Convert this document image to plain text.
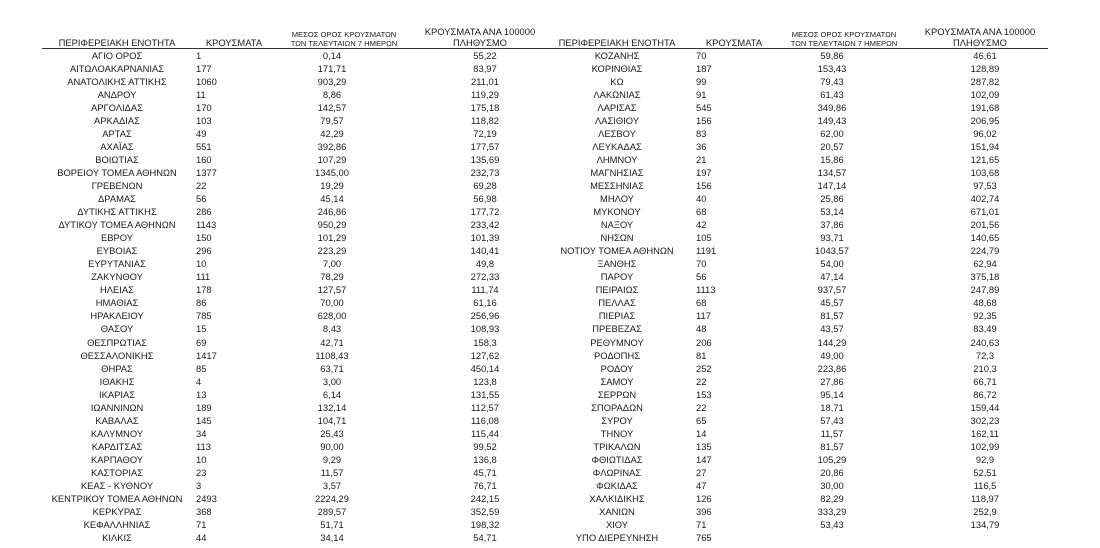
ΠΕΡΙΦΕΡΕΙΑΚΗ ΕΝΟΤΗΤΑ	ΚΡΟΥΣΜΑΤΑ	ΜΕΣΟΣ ΟΡΟΣ ΚΡΟΥΣΜΑΤΩΝ
ΤΩΝ ΤΕΛΕΥΤΑΙΩΝ 7 ΗΜΕΡΩΝ	ΚΡΟΥΣΜΑΤΑ ΑΝΑ 100000
ΠΛΗΘΥΣΜΟ
ΑΓΙΟ ΟΡΟΣ	1	0,14	55,22
ΑΙΤΩΛΟΑΚΑΡΝΑΝΙΑΣ	177	171,71	83,97
ΑΝΑΤΟΛΙΚΗΣ ΑΤΤΙΚΗΣ	1060	903,29	211,01
ΑΝΔΡΟΥ	11	8,86	119,29
ΑΡΓΟΛΙΔΑΣ	170	142,57	175,18
ΑΡΚΑΔΙΑΣ	103	79,57	118,82
ΑΡΤΑΣ	49	42,29	72,19
ΑΧΑΪΑΣ	551	392,86	177,57
ΒΟΙΩΤΙΑΣ	160	107,29	135,69
ΒΟΡΕΙΟΥ ΤΟΜΕΑ ΑΘΗΝΩΝ	1377	1345,00	232,73
ΓΡΕΒΕΝΩΝ	22	19,29	69,28
ΔΡΑΜΑΣ	56	45,14	56,98
ΔΥΤΙΚΗΣ ΑΤΤΙΚΗΣ	286	246,86	177,72
ΔΥΤΙΚΟΥ ΤΟΜΕΑ ΑΘΗΝΩΝ	1143	950,29	233,42
ΕΒΡΟΥ	150	101,29	101,39
ΕΥΒΟΙΑΣ	296	223,29	140,41
ΕΥΡΥΤΑΝΙΑΣ	10	7,00	49,8
ΖΑΚΥΝΘΟΥ	111	78,29	272,33
ΗΛΕΙΑΣ	178	127,57	111,74
ΗΜΑΘΙΑΣ	86	70,00	61,16
ΗΡΑΚΛΕΙΟΥ	785	628,00	256,96
ΘΑΣΟΥ	15	8,43	108,93
ΘΕΣΠΡΩΤΙΑΣ	69	42,71	158,3
ΘΕΣΣΑΛΟΝΙΚΗΣ	1417	1108,43	127,62
ΘΗΡΑΣ	85	63,71	450,14
ΙΘΑΚΗΣ	4	3,00	123,8
ΙΚΑΡΙΑΣ	13	6,14	131,55
ΙΩΑΝΝΙΝΩΝ	189	132,14	112,57
ΚΑΒΑΛΑΣ	145	104,71	116,08
ΚΑΛΥΜΝΟΥ	34	25,43	115,44
ΚΑΡΔΙΤΣΑΣ	113	90,00	99,52
ΚΑΡΠΑΘΟΥ	10	9,29	136,8
ΚΑΣΤΟΡΙΑΣ	23	11,57	45,71
ΚΕΑΣ - ΚΥΘΝΟΥ	3	3,57	76,71
ΚΕΝΤΡΙΚΟΥ ΤΟΜΕΑ ΑΘΗΝΩΝ	2493	2224,29	242,15
ΚΕΡΚΥΡΑΣ	368	289,57	352,59
ΚΕΦΑΛΛΗΝΙΑΣ	71	51,71	198,32
ΚΙΛΚΙΣ	44	34,14	54,71
ΠΕΡΙΦΕΡΕΙΑΚΗ ΕΝΟΤΗΤΑ	ΚΡΟΥΣΜΑΤΑ	ΜΕΣΟΣ ΟΡΟΣ ΚΡΟΥΣΜΑΤΩΝ
ΤΩΝ ΤΕΛΕΥΤΑΙΩΝ 7 ΗΜΕΡΩΝ	ΚΡΟΥΣΜΑΤΑ ΑΝΑ 100000
ΠΛΗΘΥΣΜΟ
ΚΟΖΑΝΗΣ	70	59,86	46,61
ΚΟΡΙΝΘΙΑΣ	187	153,43	128,89
ΚΩ	99	79,43	287,82
ΛΑΚΩΝΙΑΣ	91	61,43	102,09
ΛΑΡΙΣΑΣ	545	349,86	191,68
ΛΑΣΙΘΙΟΥ	156	149,43	206,95
ΛΕΣΒΟΥ	83	62,00	96,02
ΛΕΥΚΑΔΑΣ	36	20,57	151,94
ΛΗΜΝΟΥ	21	15,86	121,65
ΜΑΓΝΗΣΙΑΣ	197	134,57	103,68
ΜΕΣΣΗΝΙΑΣ	156	147,14	97,53
ΜΗΛΟΥ	40	25,86	402,74
ΜΥΚΟΝΟΥ	68	53,14	671,01
ΝΑΞΟΥ	42	37,86	201,56
ΝΗΣΩΝ	105	93,71	140,65
ΝΟΤΙΟΥ ΤΟΜΕΑ ΑΘΗΝΩΝ	1191	1043,57	224,79
ΞΑΝΘΗΣ	70	54,00	62,94
ΠΑΡΟΥ	56	47,14	375,18
ΠΕΙΡΑΙΩΣ	1113	937,57	247,89
ΠΕΛΛΑΣ	68	45,57	48,68
ΠΙΕΡΙΑΣ	117	81,57	92,35
ΠΡΕΒΕΖΑΣ	48	43,57	83,49
ΡΕΘΥΜΝΟΥ	206	144,29	240,63
ΡΟΔΟΠΗΣ	81	49,00	72,3
ΡΟΔΟΥ	252	223,86	210,3
ΣΑΜΟΥ	22	27,86	66,71
ΣΕΡΡΩΝ	153	95,14	86,72
ΣΠΟΡΑΔΩΝ	22	18,71	159,44
ΣΥΡΟΥ	65	57,43	302,23
ΤΗΝΟΥ	14	11,57	162,11
ΤΡΙΚΑΛΩΝ	135	81,57	102,99
ΦΘΙΩΤΙΔΑΣ	147	105,29	92,9
ΦΛΩΡΙΝΑΣ	27	20,86	52,51
ΦΩΚΙΔΑΣ	47	30,00	116,5
ΧΑΛΚΙΔΙΚΗΣ	126	82,29	118,97
ΧΑΝΙΩΝ	396	333,29	252,9
ΧΙΟΥ	71	53,43	134,79
ΥΠΟ ΔΙΕΡΕΥΝΗΣΗ	765		
